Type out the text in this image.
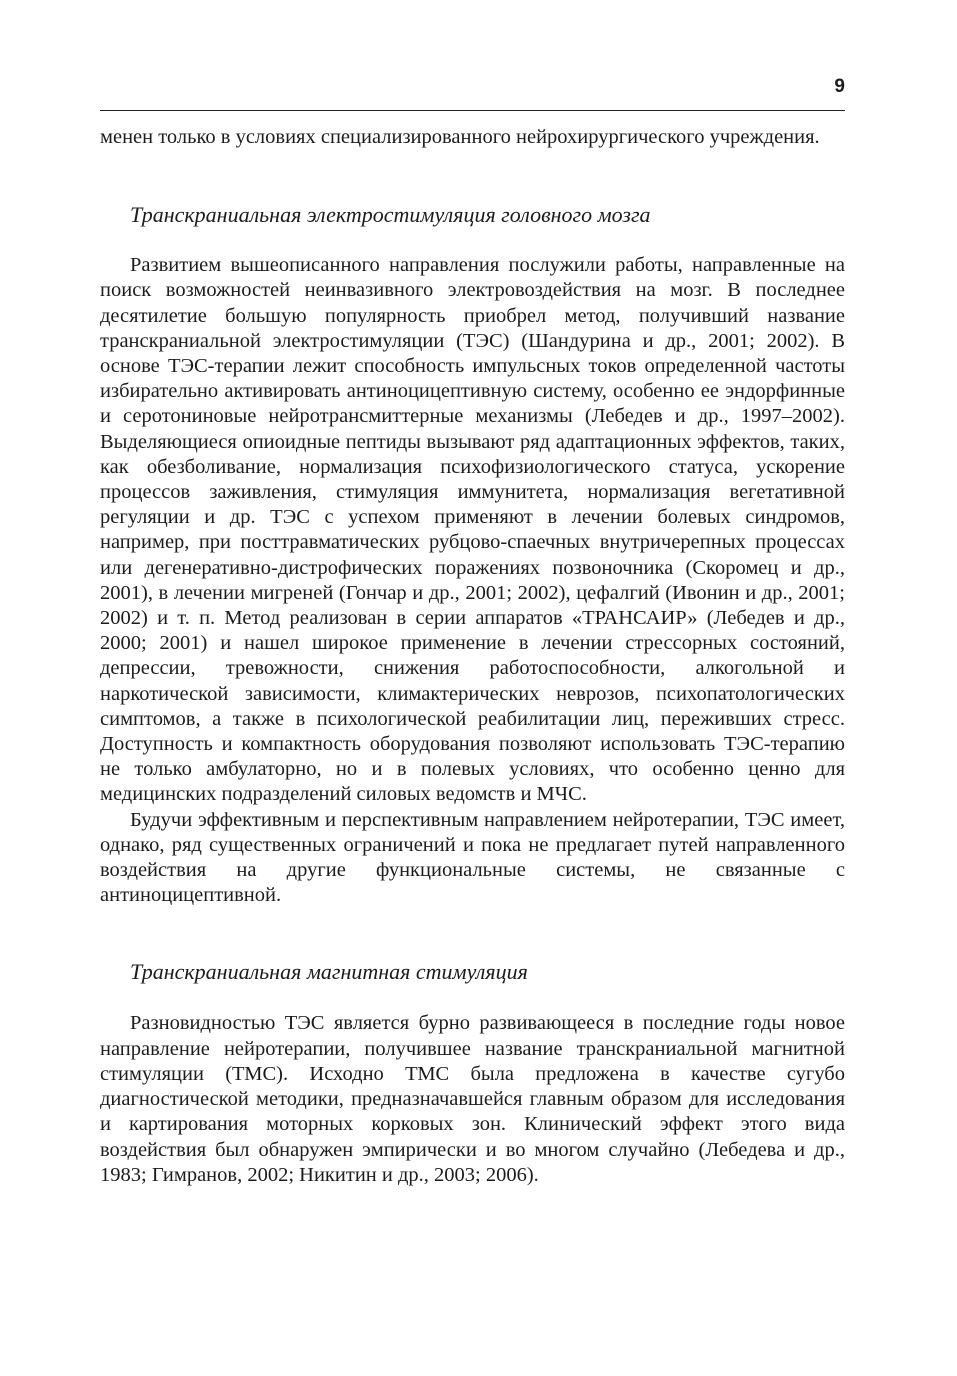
9

менен только в условиях специализированного нейрохирургического учреждения.

Транскраниальная электростимуляция головного мозга

Развитием вышеописанного направления послужили работы, направленные на поиск возможностей неинвазивного электровоздействия на мозг. В последнее десятилетие большую популярность приобрел метод, получивший название транскраниальной электростимуляции (ТЭС) (Шандурина и др., 2001; 2002). В основе ТЭС-терапии лежит способность импульсных токов определенной частоты избирательно активировать антиноцицептивную систему, особенно ее эндорфинные и серотониновые нейротрансмиттерные механизмы (Лебедев и др., 1997–2002). Выделяющиеся опиоидные пептиды вызывают ряд адаптационных эффектов, таких, как обезболивание, нормализация психофизиологического статуса, ускорение процессов заживления, стимуляция иммунитета, нормализация вегетативной регуляции и др. ТЭС с успехом применяют в лечении болевых синдромов, например, при посттравматических рубцово-спаечных внутричерепных процессах или дегенеративно-дистрофических поражениях позвоночника (Скоромец и др., 2001), в лечении мигреней (Гончар и др., 2001; 2002), цефалгий (Ивонин и др., 2001; 2002) и т. п. Метод реализован в серии аппаратов «ТРАНСАИР» (Лебедев и др., 2000; 2001) и нашел широкое применение в лечении стрессорных состояний, депрессии, тревожности, снижения работоспособности, алкогольной и наркотической зависимости, климактерических неврозов, психопатологических симптомов, а также в психологической реабилитации лиц, переживших стресс. Доступность и компактность оборудования позволяют использовать ТЭС-терапию не только амбулаторно, но и в полевых условиях, что особенно ценно для медицинских подразделений силовых ведомств и МЧС.

Будучи эффективным и перспективным направлением нейротерапии, ТЭС имеет, однако, ряд существенных ограничений и пока не предлагает путей направленного воздействия на другие функциональные системы, не связанные с антиноцицептивной.

Транскраниальная магнитная стимуляция

Разновидностью ТЭС является бурно развивающееся в последние годы новое направление нейротерапии, получившее название транскраниальной магнитной стимуляции (ТМС). Исходно ТМС была предложена в качестве сугубо диагностической методики, предназначавшейся главным образом для исследования и картирования моторных корковых зон. Клинический эффект этого вида воздействия был обнаружен эмпирически и во многом случайно (Лебедева и др., 1983; Гимранов, 2002; Никитин и др., 2003; 2006).
